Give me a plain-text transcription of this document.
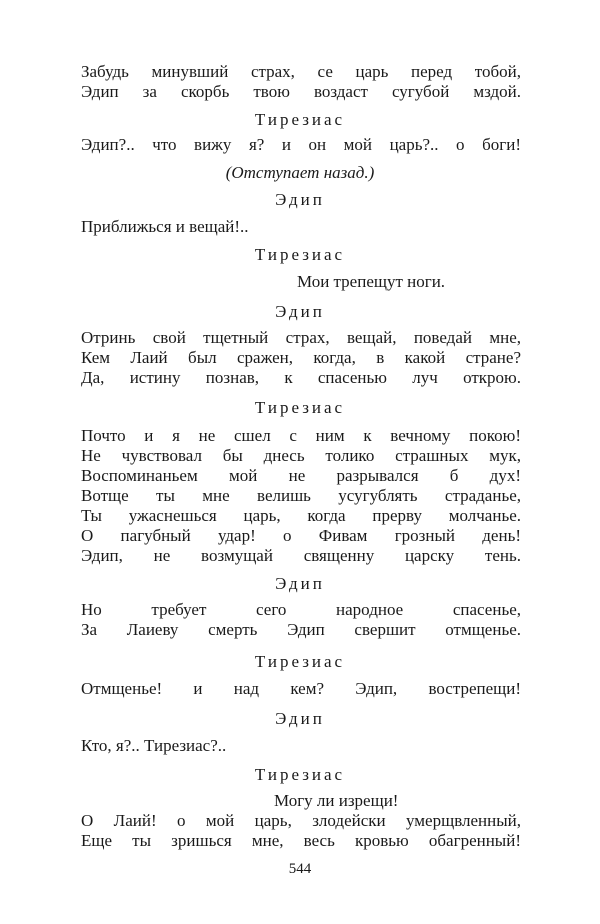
Забудь минувший страх, се царь перед тобой,
Эдип за скорбь твою воздаст сугубой мздой.
Тирезиас
Эдип?.. что вижу я? и он мой царь?.. о боги!
(Отступает назад.)
Эдип
Приближься и вещай!..
Тирезиас
Мои трепещут ноги.
Эдип
Отринь свой тщетный страх, вещай, поведай мне,
Кем Лаий был сражен, когда, в какой стране?
Да, истину познав, к спасенью луч открою.
Тирезиас
Почто и я не сшел с ним к вечному покою!
Не чувствовал бы днесь толико страшных мук,
Воспоминаньем мой не разрывался б дух!
Вотще ты мне велишь усугублять страданье,
Ты ужаснешься царь, когда прерву молчанье.
О пагубный удар! о Фивам грозный день!
Эдип, не возмущай священну царску тень.
Эдип
Но требует сего народное спасенье,
За Лаиеву смерть Эдип свершит отмщенье.
Тирезиас
Отмщенье! и над кем? Эдип, вострепещи!
Эдип
Кто, я?.. Тирезиас?..
Тирезиас
Могу ли изрещи!
О Лаий! о мой царь, злодейски умерщвленный,
Еще ты зришься мне, весь кровью обагренный!
544
